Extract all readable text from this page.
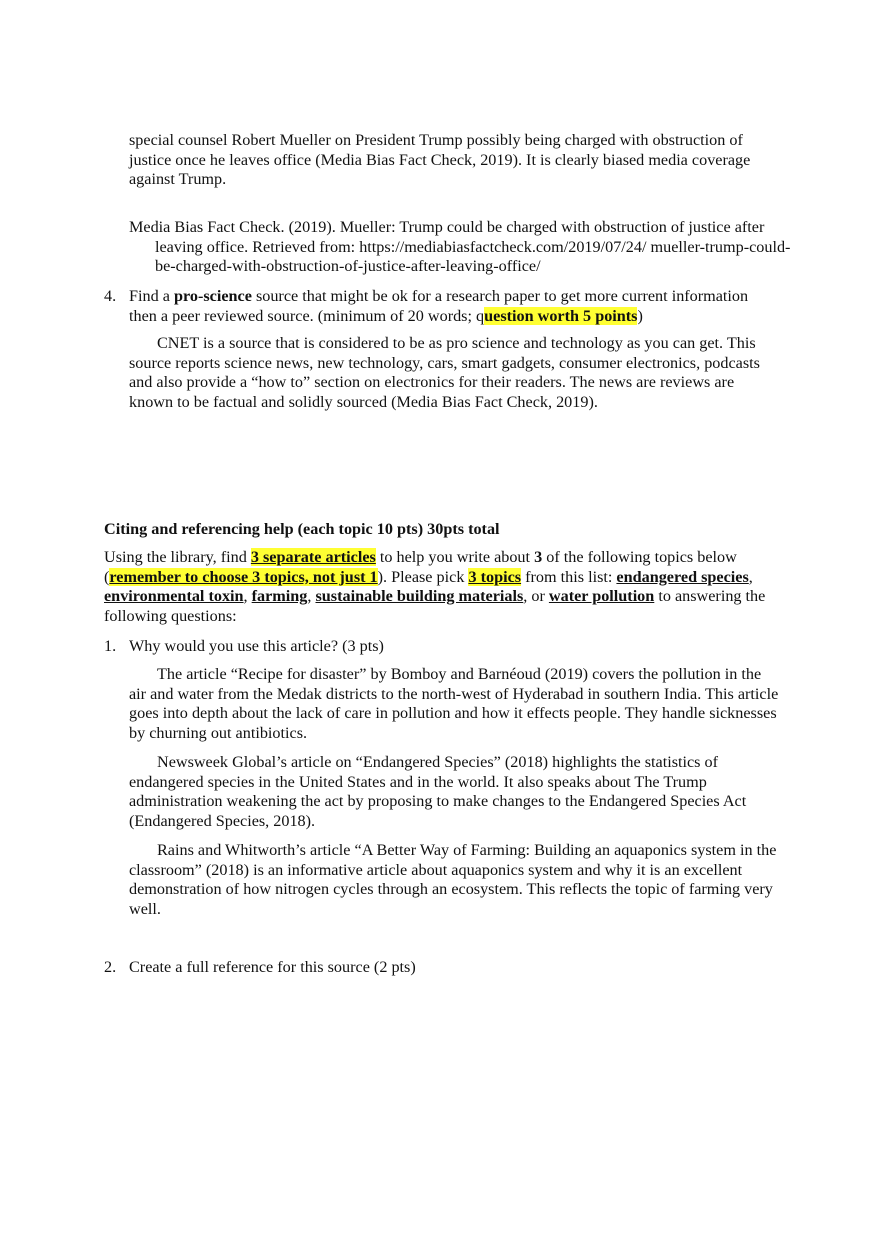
special counsel Robert Mueller on President Trump possibly being charged with obstruction of justice once he leaves office (Media Bias Fact Check, 2019). It is clearly biased media coverage against Trump.

Media Bias Fact Check. (2019). Mueller: Trump could be charged with obstruction of justice after leaving office. Retrieved from: https://mediabiasfactcheck.com/2019/07/24/ mueller-trump-could-be-charged-with-obstruction-of-justice-after-leaving-office/

4. Find a pro-science source that might be ok for a research paper to get more current information then a peer reviewed source. (minimum of 20 words; question worth 5 points)

CNET is a source that is considered to be as pro science and technology as you can get. This source reports science news, new technology, cars, smart gadgets, consumer electronics, podcasts and also provide a “how to” section on electronics for their readers. The news are reviews are known to be factual and solidly sourced (Media Bias Fact Check, 2019).

Citing and referencing help (each topic 10 pts) 30pts total

Using the library, find 3 separate articles to help you write about 3 of the following topics below (remember to choose 3 topics, not just 1). Please pick 3 topics from this list: endangered species, environmental toxin, farming, sustainable building materials, or water pollution to answering the following questions:

1. Why would you use this article? (3 pts)

The article “Recipe for disaster” by Bomboy and Barnéoud (2019) covers the pollution in the air and water from the Medak districts to the north-west of Hyderabad in southern India. This article goes into depth about the lack of care in pollution and how it effects people. They handle sicknesses by churning out antibiotics.

Newsweek Global’s article on “Endangered Species” (2018) highlights the statistics of endangered species in the United States and in the world. It also speaks about The Trump administration weakening the act by proposing to make changes to the Endangered Species Act (Endangered Species, 2018).

Rains and Whitworth’s article “A Better Way of Farming: Building an aquaponics system in the classroom” (2018) is an informative article about aquaponics system and why it is an excellent demonstration of how nitrogen cycles through an ecosystem. This reflects the topic of farming very well.

2. Create a full reference for this source (2 pts)
